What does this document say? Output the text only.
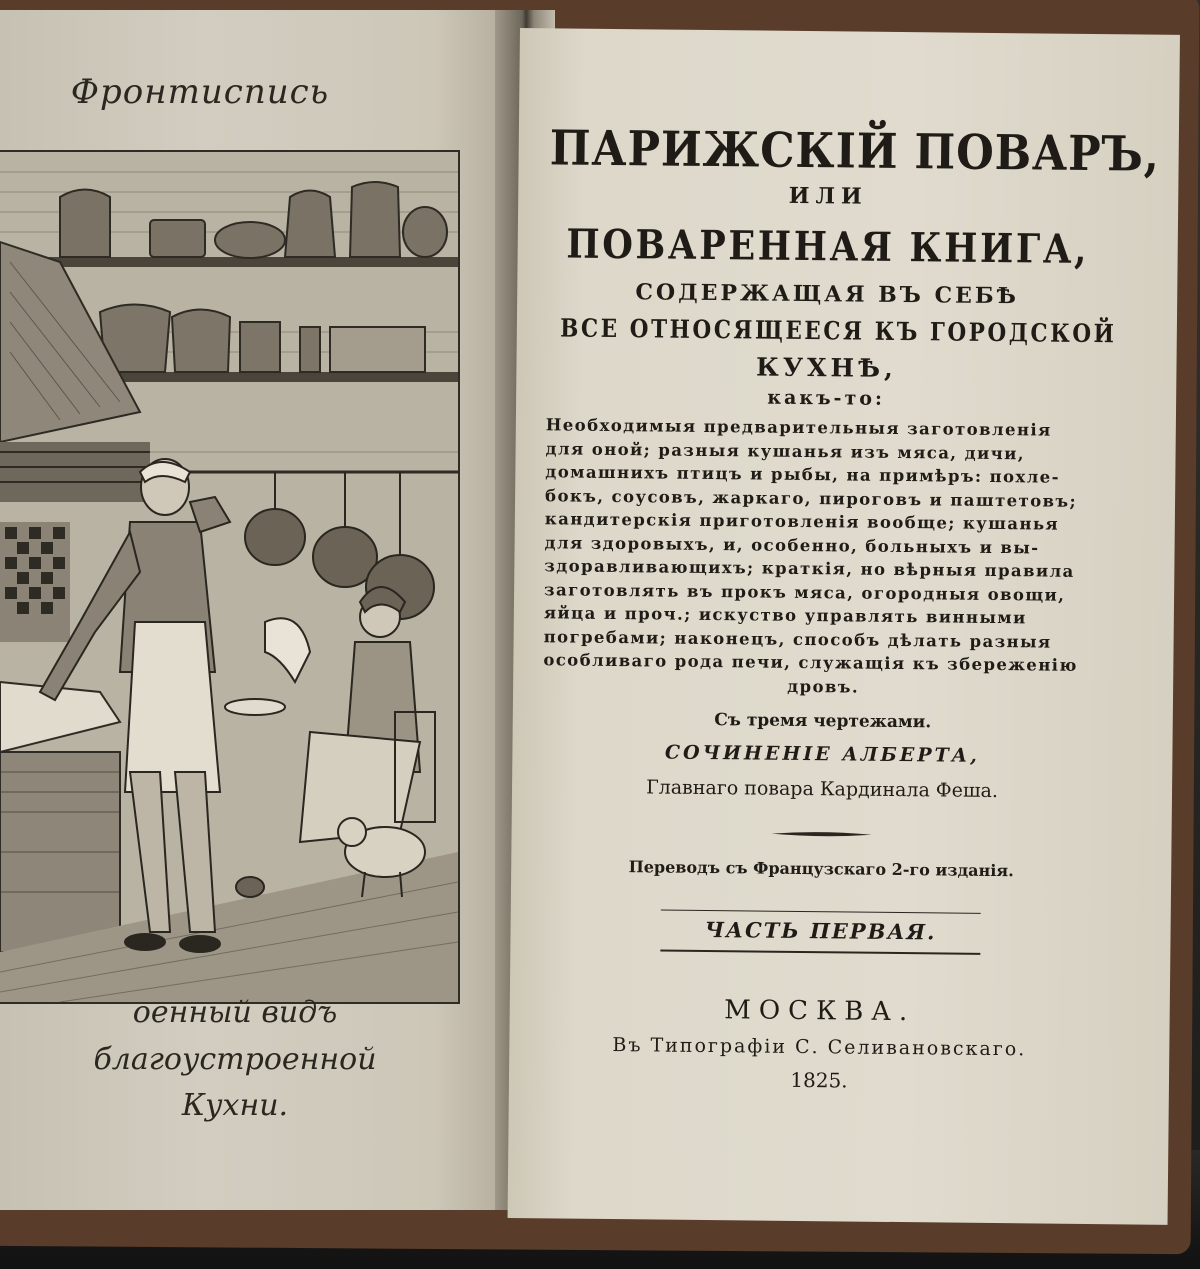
Фронтиспись
оенный видъ благоустроенной
Кухни.
ПАРИЖСКІЙ ПОВАРЪ,
ИЛИ
ПОВАРЕННАЯ КНИГА,
СОДЕРЖАЩАЯ ВЪ СЕБѢ
ВСЕ ОТНОСЯЩЕЕСЯ КЪ ГОРОДСКОЙ
КУХНѢ,
какъ-то:
Необходимыя предварительныя заготовленія
для оной; разныя кушанья изъ мяса, дичи,
домашнихъ птицъ и рыбы, на примѣръ: похле-
бокъ, соусовъ, жаркаго, пироговъ и паштетовъ;
кандитерскія приготовленія вообще; кушанья
для здоровыхъ, и, особенно, больныхъ и вы-
здоравливающихъ; краткія, но вѣрныя правила
заготовлять въ прокъ мяса, огородныя овощи,
яйца и проч.; искуство управлять винными
погребами; наконецъ, способъ дѣлать разныя
особливаго рода печи, служащія къ збереженію
дровъ.
Съ тремя чертежами.
СОЧИНЕНІЕ АЛБЕРТА,
Главнаго повара Кардинала Феша.
Переводъ съ Французскаго 2-го изданія.
ЧАСТЬ ПЕРВАЯ.
МОСКВА.
Въ Типографіи С. Селивановскаго.
1825.
